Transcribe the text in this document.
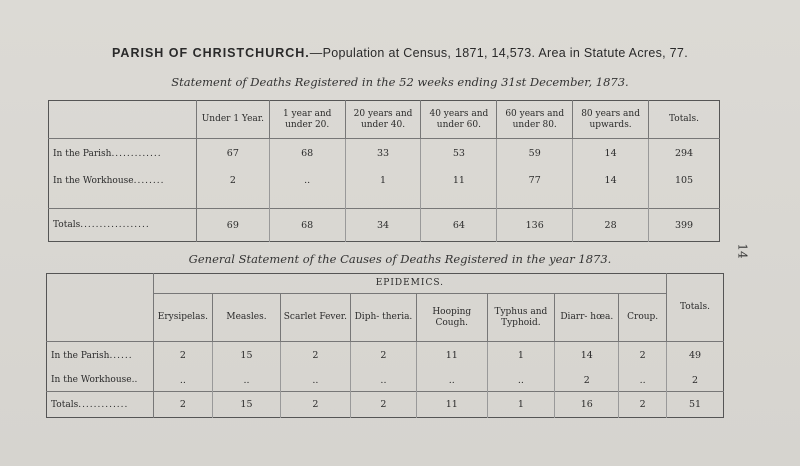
PARISH OF CHRISTCHURCH.—Population at Census, 1871, 14,573. Area in Statute Acres, 77.
Statement of Deaths Registered in the 52 weeks ending 31st December, 1873.
	Under 1 Year.	1 year and under 20.	20 years and under 40.	40 years and under 60.	60 years and under 80.	80 years and upwards.	Totals.
In the Parish.............	67	68	33	53	59	14	294
In the Workhouse........	2	..	1	11	77	14	105

Totals..................	69	68	34	64	136	28	399
General Statement of the Causes of Deaths Registered in the year 1873.
	EPIDEMICS.								Totals.
	Erysipelas.	Measles.	Scarlet Fever.	Diph- theria.	Hooping Cough.	Typhus and Typhoid.	Diarr- hœa.	Croup.	
In the Parish......	2	15	2	2	11	1	14	2	49
In the Workhouse..	..	..	..	..	..	..	2	..	2
Totals.............	2	15	2	2	11	1	16	2	51
14
